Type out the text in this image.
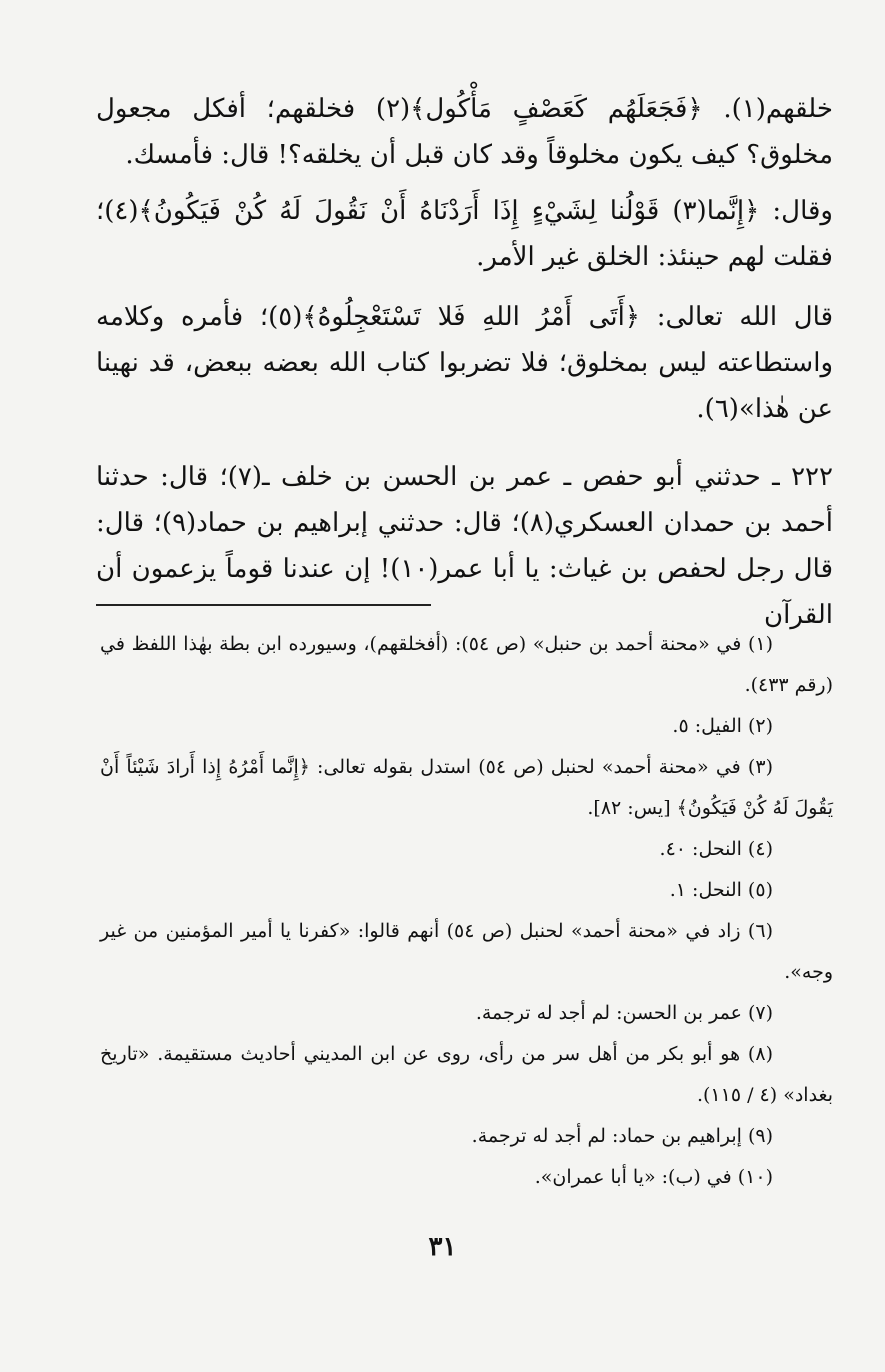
خلقهم(١). ﴿فَجَعَلَهُم كَعَصْفٍ مَأْكُول﴾(٢) فخلقهم؛ أفكل مجعول مخلوق؟ كيف يكون مخلوقاً وقد كان قبل أن يخلقه؟! قال: فأمسك.

وقال: ﴿إِنَّما(٣) قَوْلُنا لِشَيْءٍ إِذَا أَرَدْنَاهُ أَنْ نَقُولَ لَهُ كُنْ فَيَكُونُ﴾(٤)؛ فقلت لهم حينئذ: الخلق غير الأمر.

قال الله تعالى: ﴿أَتَى أَمْرُ اللهِ فَلا تَسْتَعْجِلُوهُ﴾(٥)؛ فأمره وكلامه واستطاعته ليس بمخلوق؛ فلا تضربوا كتاب الله بعضه ببعض، قد نهينا عن هٰذا»(٦).

٢٢٢ ـ حدثني أبو حفص ـ عمر بن الحسن بن خلف ـ(٧)؛ قال: حدثنا أحمد بن حمدان العسكري(٨)؛ قال: حدثني إبراهيم بن حماد(٩)؛ قال: قال رجل لحفص بن غياث: يا أبا عمر(١٠)! إن عندنا قوماً يزعمون أن القرآن

(١) في «محنة أحمد بن حنبل» (ص ٥٤): (أفخلقهم)، وسيورده ابن بطة بهٰذا اللفظ في (رقم ٤٣٣).

(٢) الفيل: ٥.

(٣) في «محنة أحمد» لحنبل (ص ٥٤) استدل بقوله تعالى: ﴿إِنَّما أَمْرُهُ إِذا أَرادَ شَيْئاً أَنْ يَقُولَ لَهُ كُنْ فَيَكُونُ﴾ [يس: ٨٢].

(٤) النحل: ٤٠.

(٥) النحل: ١.

(٦) زاد في «محنة أحمد» لحنبل (ص ٥٤) أنهم قالوا: «كفرنا يا أمير المؤمنين من غير وجه».

(٧) عمر بن الحسن: لم أجد له ترجمة.

(٨) هو أبو بكر من أهل سر من رأى، روى عن ابن المديني أحاديث مستقيمة. «تاريخ بغداد» (٤ / ١١٥).

(٩) إبراهيم بن حماد: لم أجد له ترجمة.

(١٠) في (ب): «يا أبا عمران».

٣١
